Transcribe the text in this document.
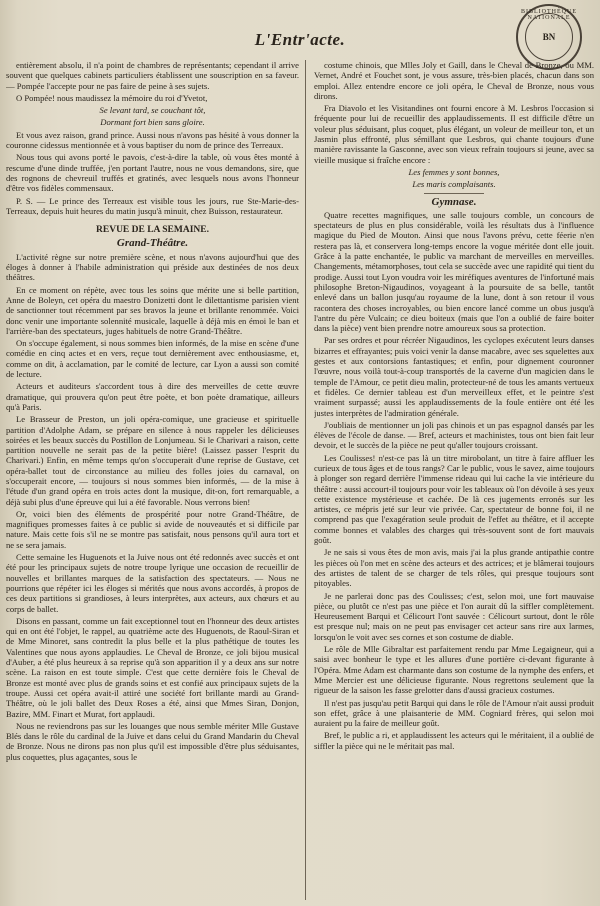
BIBLIOTHÈQUE NATIONALE
BN
L'Entr'acte.

entièrement absolu, il n'a point de chambres de représentants; cependant il arrive souvent que quelques cabinets particuliers établissent une souscription en sa faveur. — Pompée l'accepte pour ne pas faire de peine à ses sujets.

O Pompée! nous maudissez la mémoire du roi d'Yvetot,

Se levant tard, se couchant tôt,

Dormant fort bien sans gloire.

Et vous avez raison, grand prince. Aussi nous n'avons pas hésité à vous donner la couronne cidessus mentionnée et à vous baptiser du nom de prince des Terreaux.

Nous tous qui avons porté le pavois, c'est-à-dire la table, où vous êtes monté à rescume d'une dinde truffée, j'en portant l'autre, nous ne vous demandons, sire, que des rognons de chevreuil truffés et gratinés, avec lesquels nous avons l'honneur d'être vos fidèles commensaux.

P. S. — Le prince des Terreaux est visible tous les jours, rue Ste-Marie-des-Terreaux, depuis huit heures du matin jusqu'à minuit, chez Buisson, restaurateur.

REVUE DE LA SEMAINE.
Grand-Théâtre.

L'activité règne sur notre première scène, et nous n'avons aujourd'hui que des éloges à donner à l'habile administration qui préside aux destinées de nos deux théâtres.

En ce moment on répète, avec tous les soins que mérite une si belle partition, Anne de Boleyn, cet opéra du maestro Donizetti dont le dilettantisme parisien vient de sanctionner tout récemment par ses bravos la jeune et brillante renommée. Voici donc venir une importante solennité musicale, laquelle à déjà mis en émoi le ban et l'arrière-ban des spectateurs, juges habituels de notre Grand-Théâtre.

On s'occupe également, si nous sommes bien informés, de la mise en scène d'une comédie en cinq actes et en vers, reçue tout dernièrement avec enthousiasme, et, comme on dit, à acclamation, par le comité de lecture, car Lyon a aussi son comité de lecture.

Acteurs et auditeurs s'accordent tous à dire des merveilles de cette œuvre dramatique, qui prouvera qu'on peut être poète, et bon poète dramatique, ailleurs qu'à Paris.

Le Brasseur de Preston, un joli opéra-comique, une gracieuse et spirituelle partition d'Adolphe Adam, se prépare en silence à nous rappeler les délicieuses soirées et les beaux succès du Postillon de Lonjumeau. Si le Charivari a raison, cette partition nouvelle ne serait pas de la petite bière! (Laissez passer l'esprit du Charivari.) Enfin, en même temps qu'on s'occuperait d'une reprise de Gustave, cet opéra-ballet tout de circonstance au milieu des folles joies du carnaval, on s'occuperait encore, — toujours si nous sommes bien informés, — de la mise à l'étude d'un grand opéra en trois actes dont la musique, dit-on, fort remarquable, a déjà subi plus d'une épreuve qui lui a été favorable. Nous verrons bien!

Or, voici bien des éléments de prospérité pour notre Grand-Théâtre, de magnifiques promesses faites à ce public si avide de nouveautés et si difficile par nature. Mais cette fois s'il ne se montre pas satisfait, nous pensons qu'il aura tort et ne se sera jamais.

Cette semaine les Huguenots et la Juive nous ont été redonnés avec succès et ont été pour les principaux sujets de notre troupe lyrique une occasion de recueillir de nouvelles et brillantes marques de la satisfaction des spectateurs. — Nous ne pourrions que répéter ici les éloges si mérités que nous avons accordés, à propos de ces deux partitions si grandioses, à leurs interprètes, aux acteurs, aux chœurs et au corps de ballet.

Disons en passant, comme un fait exceptionnel tout en l'honneur des deux artistes qui en ont été l'objet, le rappel, au quatrième acte des Huguenots, de Raoul-Siran et de Mme Minoret, sans contredit la plus belle et la plus pathétique de toutes les Valentines que nous ayons applaudies. Le Cheval de Bronze, ce joli bijou musical d'Auber, a été plus heureux à sa reprise qu'à son apparition il y a deux ans sur notre scène. La raison en est toute simple. C'est que cette dernière fois le Cheval de Bronze est monté avec plus de grands soins et est confié aux principaux sujets de la troupe. Aussi cet opéra avait-il attiré une société fort brillante mardi au Grand-Théâtre, où le joli ballet des Deux Roses a été, ainsi que Mmes Siran, Donjon, Bazire, MM. Finart et Murat, fort applaudi.

Nous ne reviendrons pas sur les louanges que nous semble mériter Mlle Gustave Blés dans le rôle du cardinal de la Juive et dans celui du Grand Mandarin du Cheval de Bronze. Nous ne dirons pas non plus qu'il est impossible d'être plus séduisantes, plus coquettes, plus agaçantes, sous le

costume chinois, que Mlles Joly et Gaill, dans le Cheval de Bronze, ou MM. Vernet, André et Fouchet sont, je vous assure, très-bien placés, chacun dans son emploi. Allez entendre encore ce joli opéra, le Cheval de Bronze, nous vous dirons.

Fra Diavolo et les Visitandines ont fourni encore à M. Lesbros l'occasion si fréquente pour lui de recueillir des applaudissements. Il est difficile d'être un voleur plus séduisant, plus coquet, plus élégant, un voleur de meilleur ton, et un Jasmin plus effronté, plus sémillant que Lesbros, qui chante toujours d'une manière ravissante la Gasconne, avec son vieux refrain toujours si jeune, avec sa vieille musique si fraîche encore :

Les femmes y sont bonnes,

Les maris complaisants.

Gymnase.

Quatre recettes magnifiques, une salle toujours comble, un concours de spectateurs de plus en plus considérable, voilà les résultats dus à l'influence magique du Pied de Mouton. Ainsi que nous l'avons prévu, cette féerie n'en restera pas là, et conservera long-temps encore la vogue méritée dont elle jouit. Grâce à la patte enchantée, le public va marchant de merveilles en merveilles. Changements, métamorphoses, tout cela se succède avec une rapidité qui tient du prodige. Aussi tout Lyon voudra voir les miréfiques aventures de l'infortuné mais philosophe Breton-Nigaudinos, voyageant à la poursuite de sa belle, tantôt enlevé dans un ballon jusqu'au royaume de la lune, dont à son retour il vous racontera des choses incroyables, ou bien encore lancé comme un obus jusqu'à l'antre du père Vulcain; ce dieu boiteux (mais que l'on a oublié de faire boiter dans la pièce) vent bien prendre notre amoureux sous sa protection.

Par ses ordres et pour récréer Nigaudinos, les cyclopes exécutent leurs danses bizarres et effrayantes; puis voici venir la danse macabre, avec ses squelettes aux gestes et aux contorsions fantastiques; et enfin, pour dignement couronner l'œuvre, nous voilà tout-à-coup transportés de la caverne d'un magicien dans le temple de l'Amour, ce petit dieu malin, protecteur-né de tous les amants vertueux et fidèles. Ce dernier tableau est d'un merveilleux effet, et le peintre s'est vraiment surpassé; aussi les applaudissements de la foule entière ont été les justes interprètes de l'admiration générale.

J'oubliais de mentionner un joli pas chinois et un pas espagnol dansés par les élèves de l'école de danse. — Bref, acteurs et machinistes, tous ont bien fait leur devoir, et le succès de la pièce ne peut qu'aller toujours croissant.

Les Coulisses! n'est-ce pas là un titre mirobolant, un titre à faire affluer les curieux de tous âges et de tous rangs? Car le public, vous le savez, aime toujours à plonger son regard derrière l'immense rideau qui lui cache la vie intérieure du théâtre : aussi accourt-il toujours pour voir les tableaux où l'on dévoile à ses yeux cette existence mystérieuse et cachée. De là ces jugements erronés sur les artistes, ce mépris jeté sur leur vie privée. Car, spectateur de bonne foi, il ne comprend pas que l'exagération seule produit de l'effet au théâtre, et il accepte comme bonnes et valables des charges qui très-souvent sont de fort mauvais goût.

Je ne sais si vous êtes de mon avis, mais j'ai la plus grande antipathie contre les pièces où l'on met en scène des acteurs et des actrices; et je blâmerai toujours des artistes de talent de se charger de tels rôles, qui presque toujours sont pitoyables.

Je ne parlerai donc pas des Coulisses; c'est, selon moi, une fort mauvaise pièce, ou plutôt ce n'est pas une pièce et l'on aurait dû la siffler complètement. Heureusement Barqui et Célicourt l'ont sauvée : Célicourt surtout, dont le rôle est presque nul; mais on ne peut pas envisager cet acteur sans rire aux larmes, lorsqu'on le voit avec ses cornes et son costume de diable.

Le rôle de Mlle Gibraltar est parfaitement rendu par Mme Legaigneur, qui a saisi avec bonheur le type et les allures d'une portière ci-devant figurante à l'Opéra. Mme Adam est charmante dans son costume de la nymphe des enfers, et Mme Mercier est une délicieuse figurante. Nous regrettons seulement que la rigueur de la saison les fasse grelotter dans d'aussi gracieux costumes.

Il n'est pas jusqu'au petit Barqui qui dans le rôle de l'Amour n'ait aussi produit son effet, grâce à une plaisanterie de MM. Cogniard frères, qui selon moi auraient pu la faire de meilleur goût.

Bref, le public a ri, et applaudissent les acteurs qui le méritaient, il a oublié de siffler la pièce qui ne le méritait pas mal.
